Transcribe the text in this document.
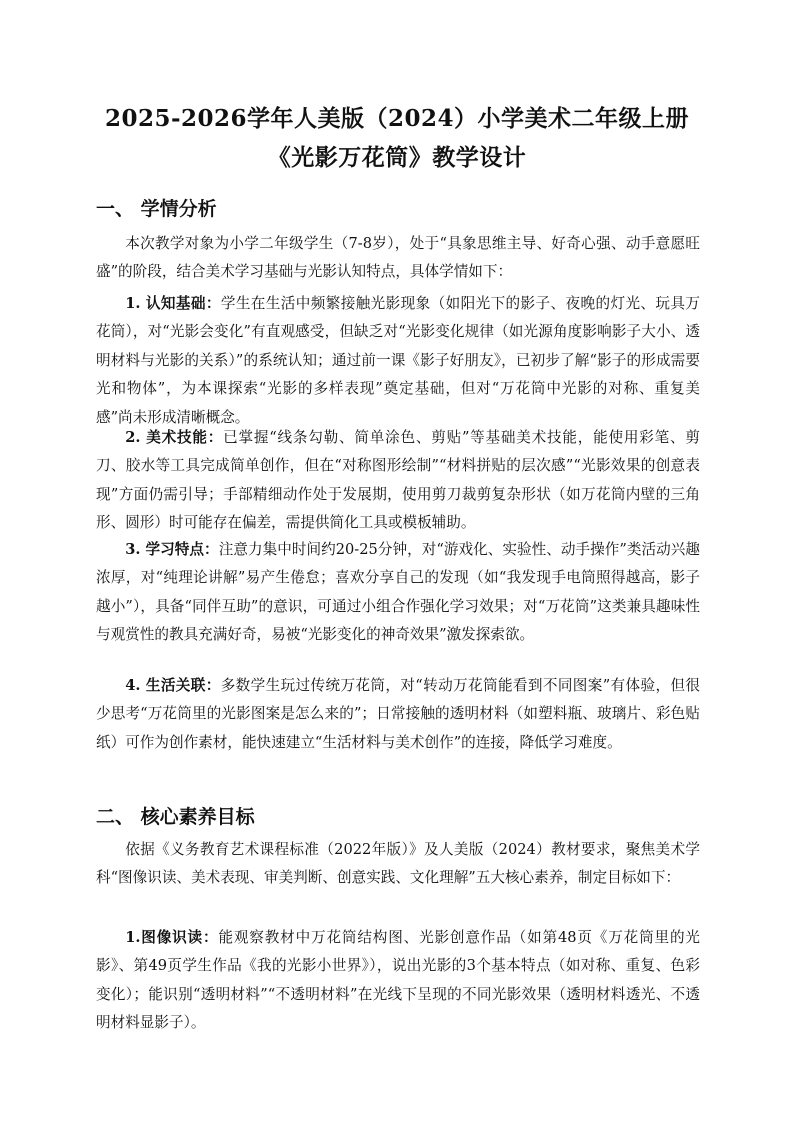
2025-2026学年人美版（2024）小学美术二年级上册
《光影万花筒》教学设计
一、 学情分析

本次教学对象为小学二年级学生（7-8岁），处于“具象思维主导、好奇心强、动手意愿旺盛”的阶段，结合美术学习基础与光影认知特点，具体学情如下：

1. 认知基础：学生在生活中频繁接触光影现象（如阳光下的影子、夜晚的灯光、玩具万花筒），对“光影会变化”有直观感受，但缺乏对“光影变化规律（如光源角度影响影子大小、透明材料与光影的关系）”的系统认知；通过前一课《影子好朋友》，已初步了解“影子的形成需要光和物体”，为本课探索“光影的多样表现”奠定基础，但对“万花筒中光影的对称、重复美感”尚未形成清晰概念。

2. 美术技能：已掌握“线条勾勒、简单涂色、剪贴”等基础美术技能，能使用彩笔、剪刀、胶水等工具完成简单创作，但在“对称图形绘制”“材料拼贴的层次感”“光影效果的创意表现”方面仍需引导；手部精细动作处于发展期，使用剪刀裁剪复杂形状（如万花筒内壁的三角形、圆形）时可能存在偏差，需提供简化工具或模板辅助。

3. 学习特点：注意力集中时间约20-25分钟，对“游戏化、实验性、动手操作”类活动兴趣浓厚，对“纯理论讲解”易产生倦怠；喜欢分享自己的发现（如“我发现手电筒照得越高，影子越小”），具备“同伴互助”的意识，可通过小组合作强化学习效果；对“万花筒”这类兼具趣味性与观赏性的教具充满好奇，易被“光影变化的神奇效果”激发探索欲。

4. 生活关联：多数学生玩过传统万花筒，对“转动万花筒能看到不同图案”有体验，但很少思考“万花筒里的光影图案是怎么来的”；日常接触的透明材料（如塑料瓶、玻璃片、彩色贴纸）可作为创作素材，能快速建立“生活材料与美术创作”的连接，降低学习难度。

二、 核心素养目标

依据《义务教育艺术课程标准（2022年版）》及人美版（2024）教材要求，聚焦美术学科“图像识读、美术表现、审美判断、创意实践、文化理解”五大核心素养，制定目标如下：

1.图像识读：能观察教材中万花筒结构图、光影创意作品（如第48页《万花筒里的光影》、第49页学生作品《我的光影小世界》），说出光影的3个基本特点（如对称、重复、色彩变化）；能识别“透明材料”“不透明材料”在光线下呈现的不同光影效果（透明材料透光、不透明材料显影子）。
